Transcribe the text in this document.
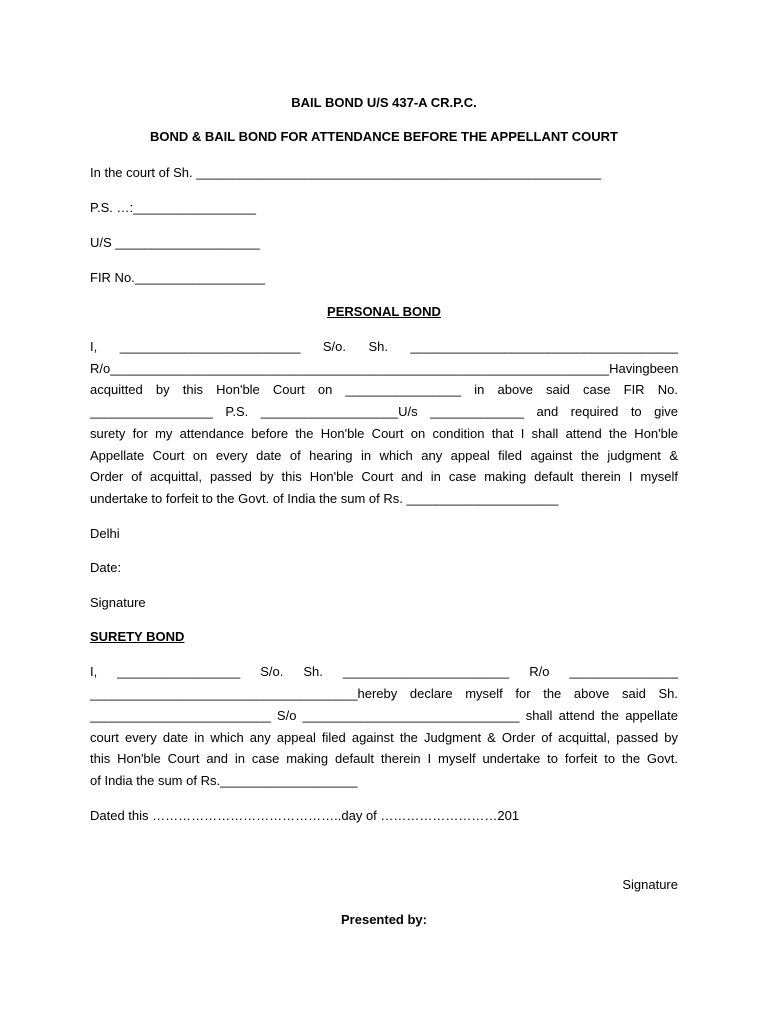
BAIL BOND U/S 437-A CR.P.C.
BOND & BAIL BOND FOR ATTENDANCE BEFORE THE APPELLANT COURT
In the court of Sh. ________________________________________________________
P.S. …:_________________
U/S ____________________
FIR No.__________________
PERSONAL BOND
I, _________________________ S/o. Sh. _____________________________________
R/o_____________________________________________________________________Having been
acquitted by this Hon'ble Court on ________________ in above said case FIR No.
_________________ P.S. ___________________U/s _____________ and required to give
surety for my attendance before the Hon'ble Court on condition that I shall attend the Hon'ble
Appellate Court on every date of hearing in which any appeal filed against the judgment &
Order of acquittal, passed by this Hon'ble Court and in case making default therein I myself
undertake to forfeit to the Govt. of India the sum of Rs. _____________________
Delhi
Date:
Signature
SURETY BOND
I, _________________ S/o. Sh. _______________________ R/o _______________
_____________________________________hereby declare myself for the above said Sh.
_________________________ S/o ______________________________ shall attend the appellate
court every date in which any appeal filed against the Judgment & Order of acquittal, passed by
this Hon'ble Court and in case making default therein I myself undertake to forfeit to the Govt.
of India the sum of Rs.___________________
Dated this ……………………………………..day of ………………………201
Signature
Presented by:
